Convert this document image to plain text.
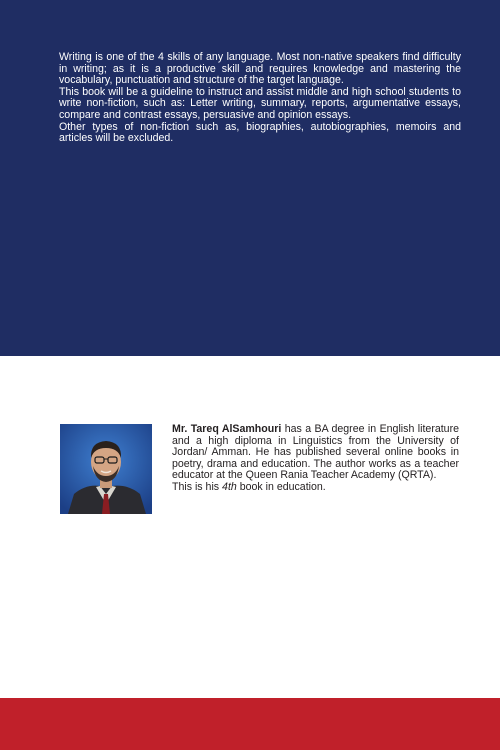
Writing is one of the 4 skills of any language. Most non-native speakers find difficulty in writing; as it is a productive skill and requires knowledge and mastering the vocabulary, punctuation and structure of the target language.

This book will be a guideline to instruct and assist middle and high school students to write non-fiction, such as: Letter writing, summary, reports, argumentative essays, compare and contrast essays, persuasive and opinion essays.

Other types of non-fiction such as, biographies, autobiographies, memoirs and articles will be excluded.

Mr. Tareq AlSamhouri has a BA degree in English literature and a high diploma in Linguistics from the University of Jordan/ Amman. He has published several online books in poetry, drama and education. The author works as a teacher educator at the Queen Rania Teacher Academy (QRTA).

This is his 4th book in education.
